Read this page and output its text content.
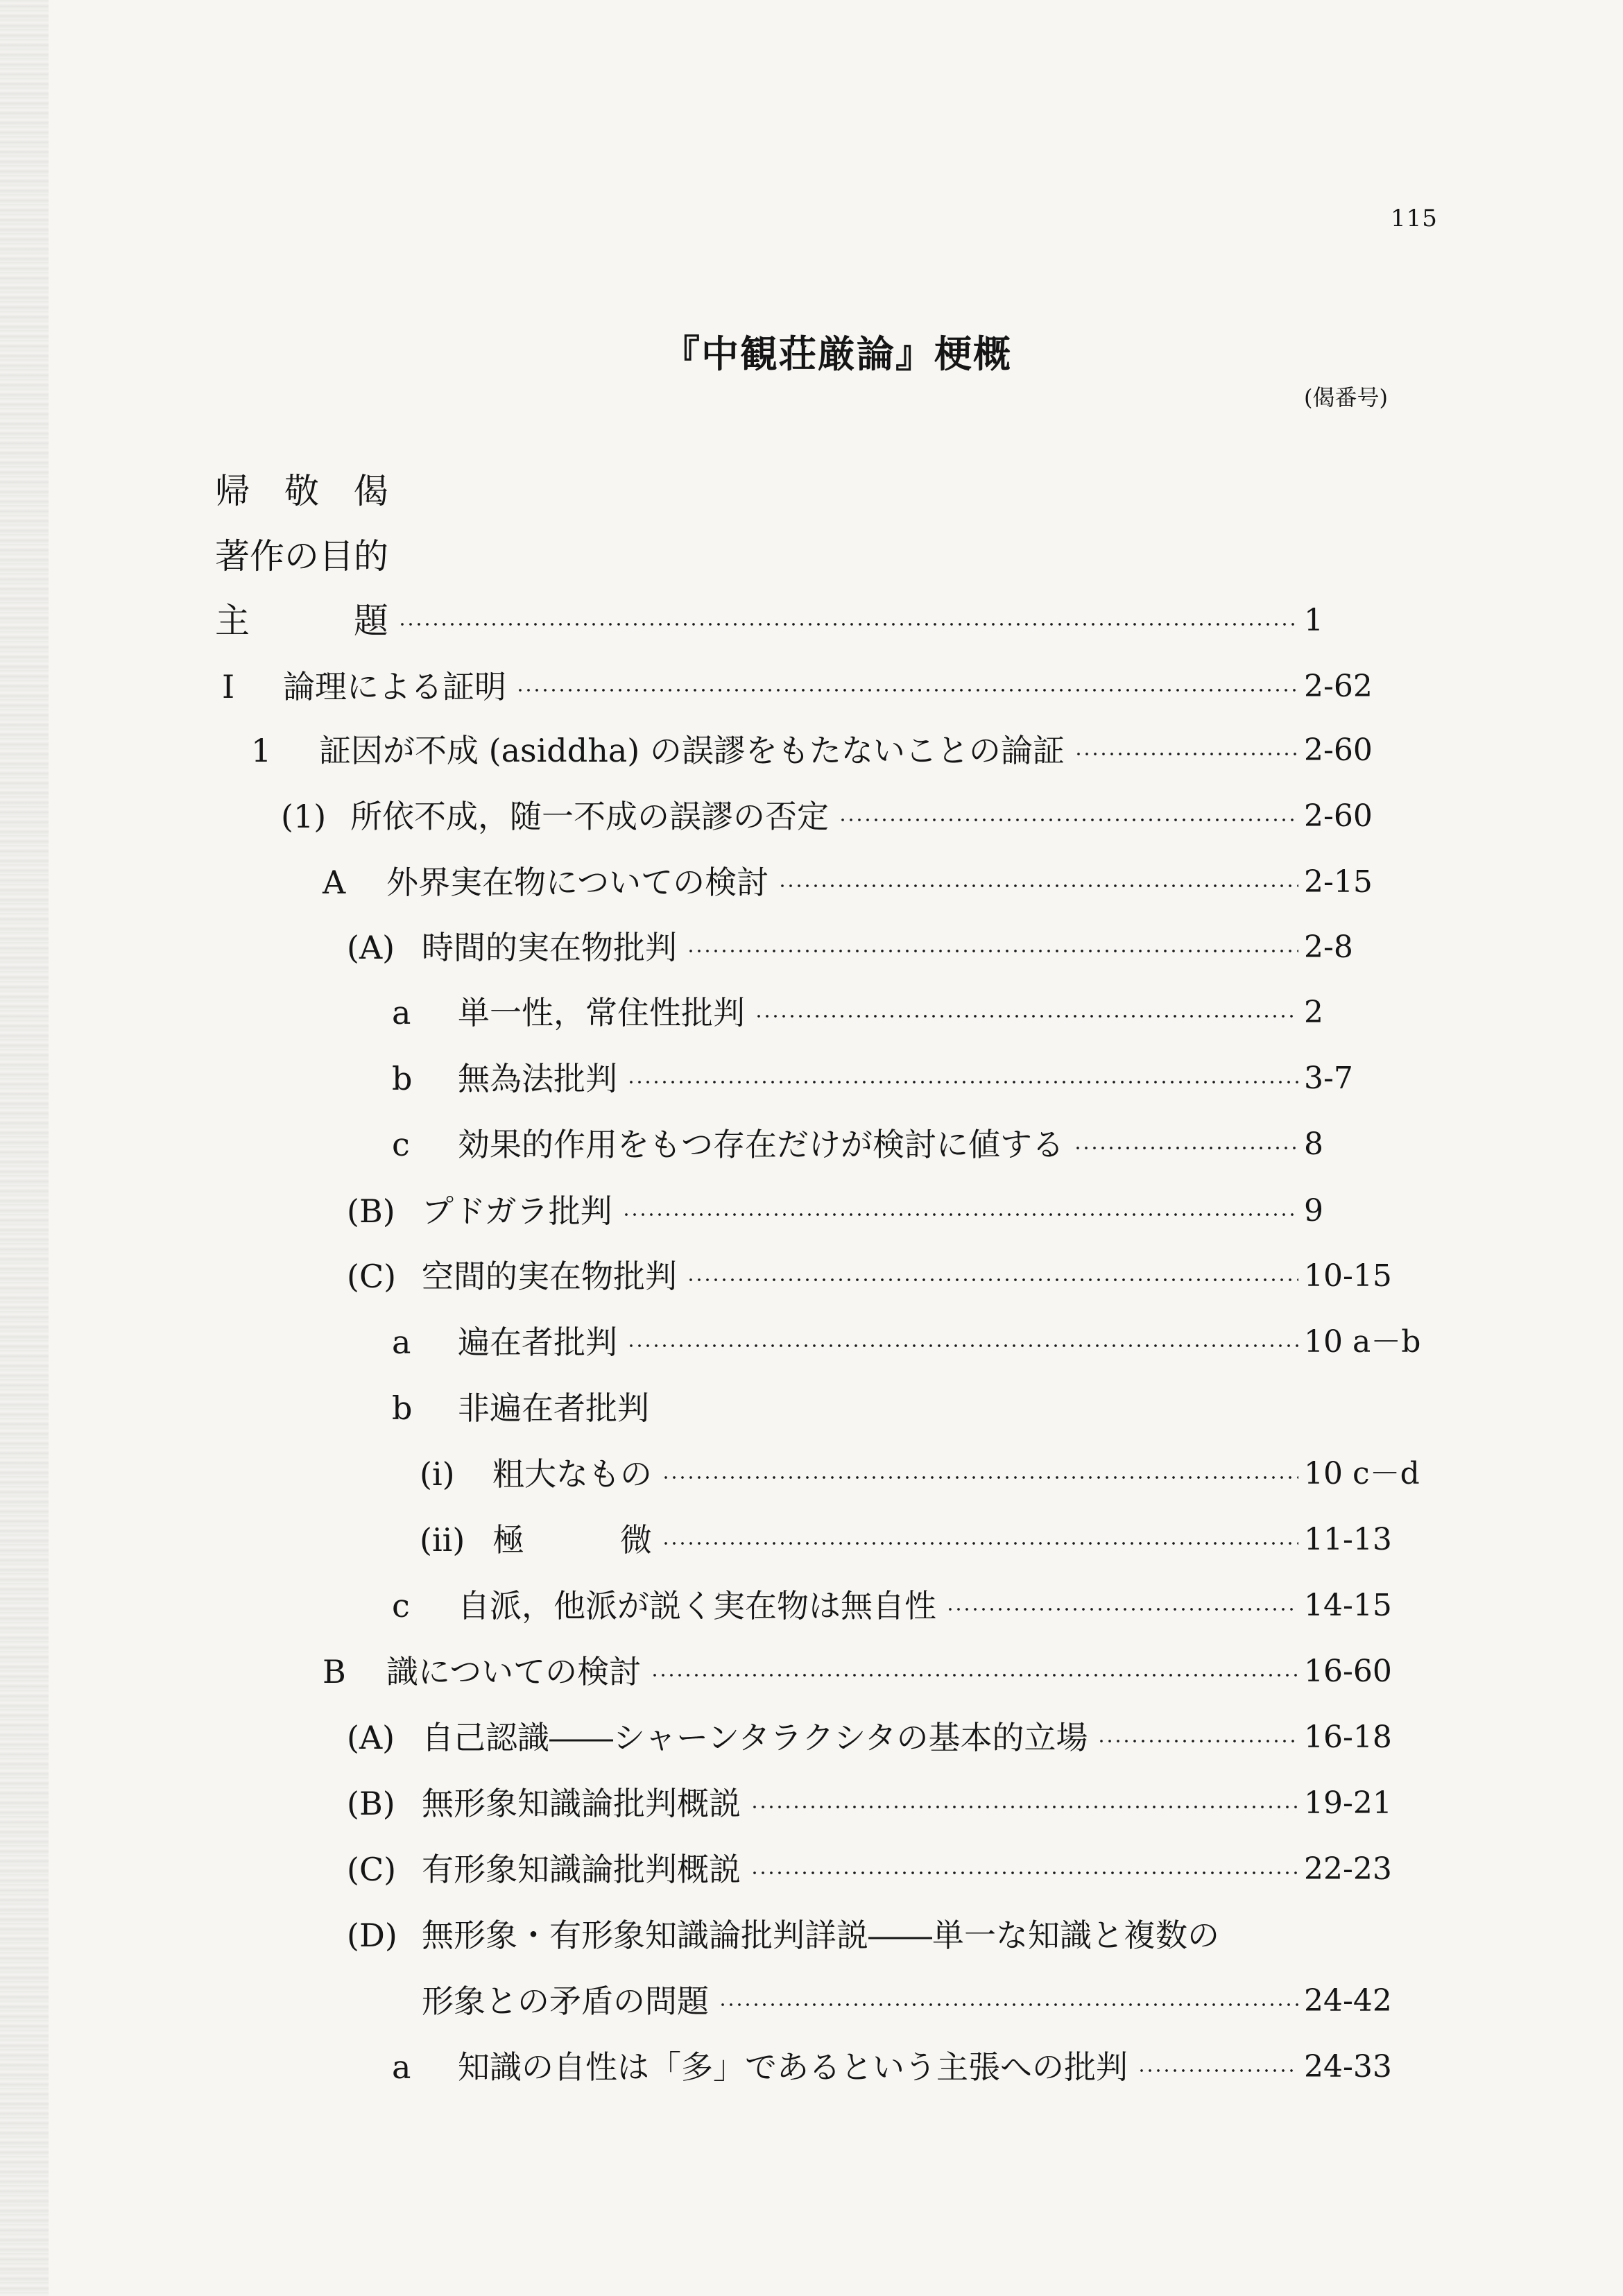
115
『中観荘厳論』梗概
(偈番号)
帰　敬　偈
著作の目的
主　　　題	1
I	論理による証明	2-62
1	証因が不成 (asiddha) の誤謬をもたないことの論証	2-60
(1) 所依不成，随一不成の誤謬の否定	2-60
A	外界実在物についての検討	2-15
(A) 時間的実在物批判	2-8
a	単一性，常住性批判	2
b	無為法批判	3-7
c	効果的作用をもつ存在だけが検討に値する	8
(B) プドガラ批判	9
(C) 空間的実在物批判	10-15
a	遍在者批判	10 a－b
b	非遍在者批判
(i)	粗大なもの	10 c－d
(ii) 極　　　微	11-13
c	自派，他派が説く実在物は無自性	14-15
B	識についての検討	16-60
(A) 自己認識――シャーンタラクシタの基本的立場	16-18
(B) 無形象知識論批判概説	19-21
(C) 有形象知識論批判概説	22-23
(D) 無形象・有形象知識論批判詳説――単一な知識と複数の
形象との矛盾の問題	24-42
a	知識の自性は「多」であるという主張への批判	24-33
